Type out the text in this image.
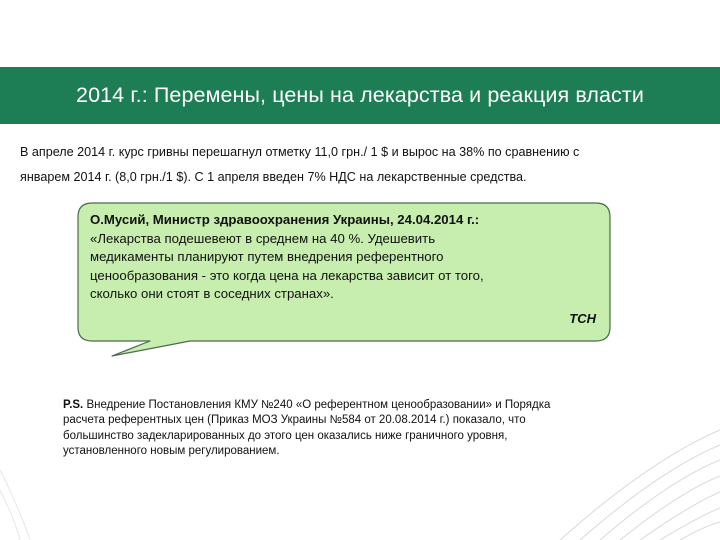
2014 г.: Перемены, цены на лекарства и реакция власти

В апреле 2014 г. курс гривны перешагнул отметку 11,0 грн./ 1 $ и вырос на 38% по сравнению с

январем 2014 г. (8,0 грн./1 $). С 1 апреля введен 7% НДС на лекарственные средства.

О.Мусий, Министр здравоохранения Украины, 24.04.2014 г.:
«Лекарства подешевеют в среднем на 40 %. Удешевить
медикаменты планируют путем внедрения референтного
ценообразования - это когда цена на лекарства зависит от того,
сколько они стоят в соседних странах».
ТСН
P.S. Внедрение Постановления КМУ №240 «О референтном ценообразовании» и Порядка
расчета референтных цен (Приказ МОЗ Украины №584 от 20.08.2014 г.) показало, что
большинство задекларированных до этого цен оказались ниже граничного уровня,
установленного новым регулированием.
